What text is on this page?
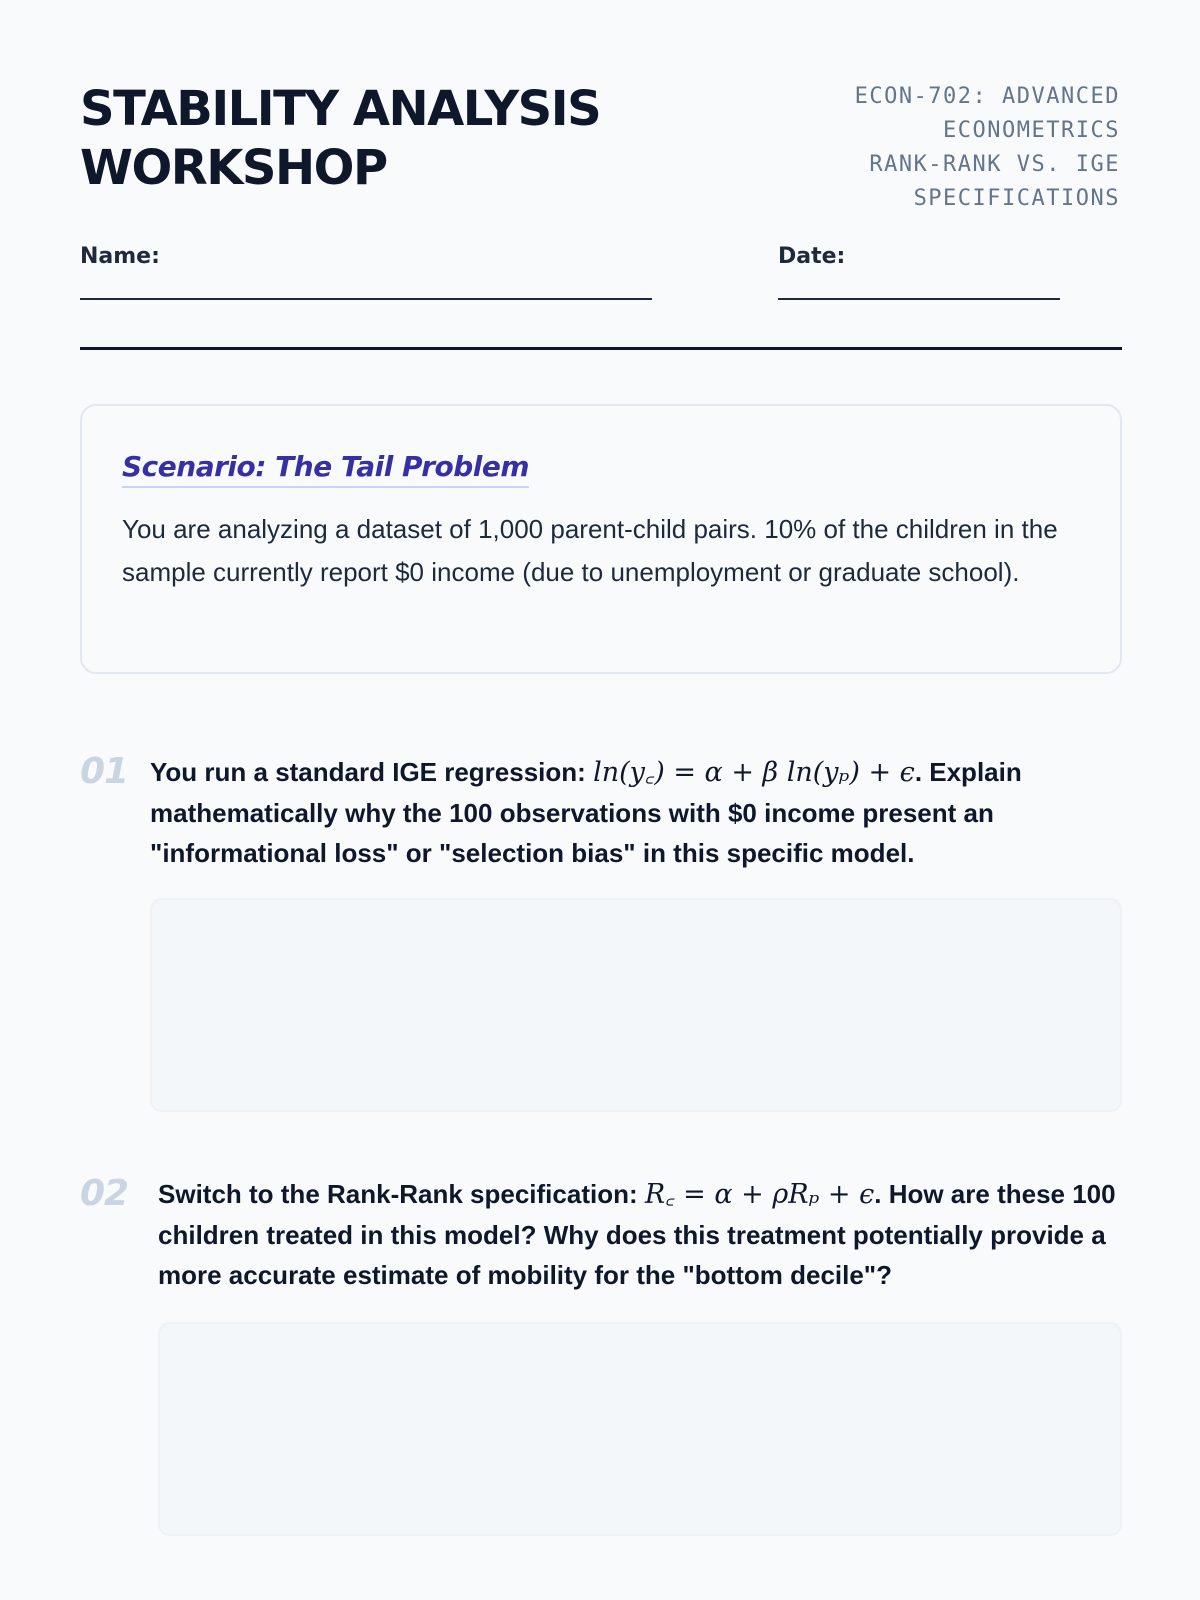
STABILITY ANALYSIS
WORKSHOP
ECON-702: ADVANCED
ECONOMETRICS
RANK-RANK VS. IGE
SPECIFICATIONS
Name:	Date:
Scenario: The Tail Problem
You are analyzing a dataset of 1,000 parent-child pairs. 10% of the children in the sample currently report $0 income (due to unemployment or graduate school).
01 You run a standard IGE regression: ln(y꜀) = α + β ln(yₚ) + ϵ. Explain mathematically why the 100 observations with $0 income present an "informational loss" or "selection bias" in this specific model.
02 Switch to the Rank-Rank specification: R꜀ = α + ρRₚ + ϵ. How are these 100 children treated in this model? Why does this treatment potentially provide a more accurate estimate of mobility for the "bottom decile"?
